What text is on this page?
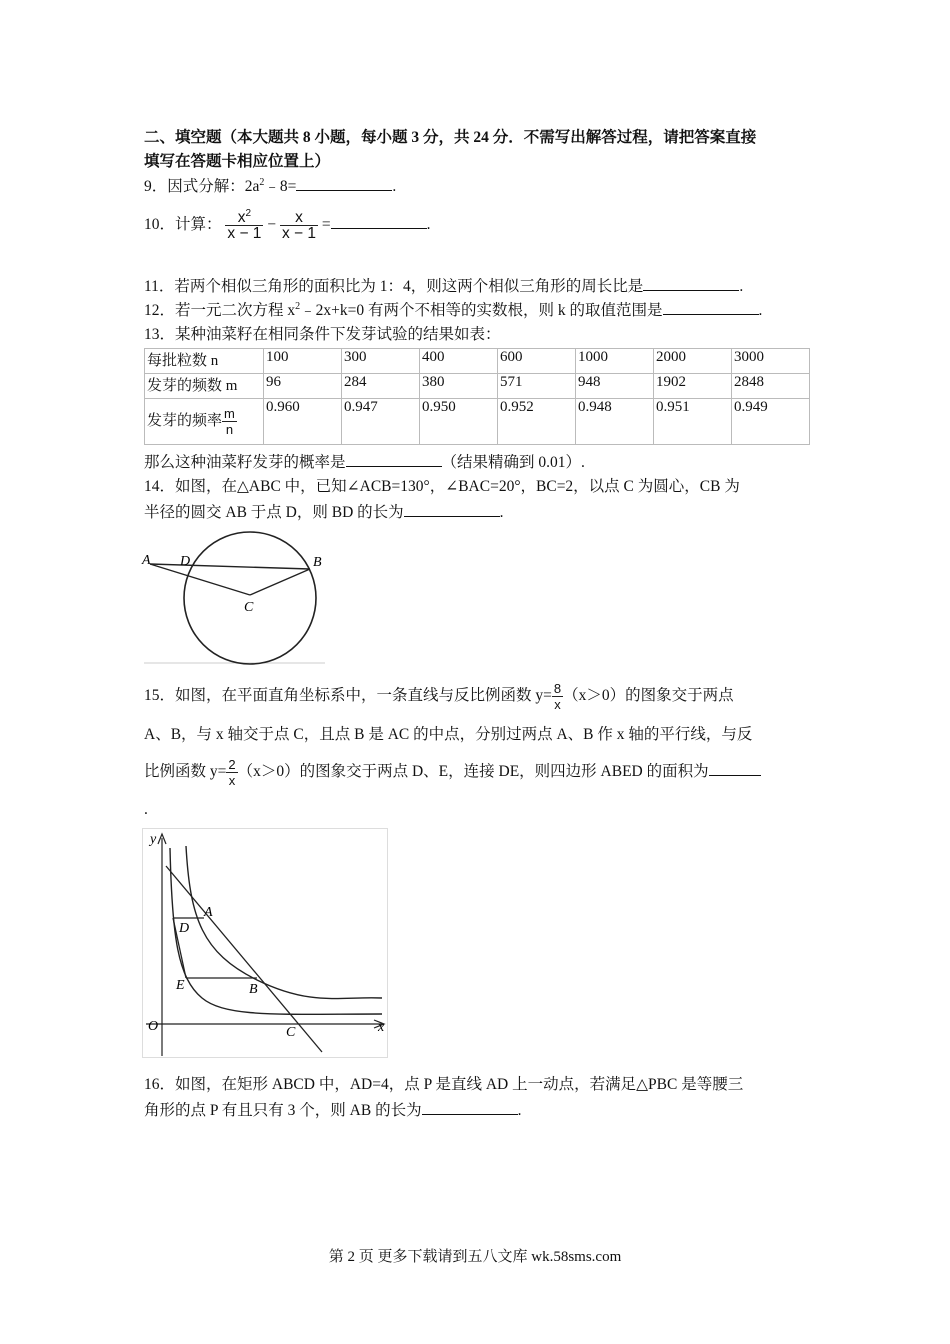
二、填空题（本大题共 8 小题，每小题 3 分，共 24 分．不需写出解答过程，请把答案直接
填写在答题卡相应位置上）
9．因式分解：$2a^2﹣8=$	.
10．计算： $\frac{x^2}{x - 1} - \frac{x}{x - 1}$ =	.
11．若两个相似三角形的面积比为 1：4，则这两个相似三角形的周长比是	.
12．若一元二次方程 $x^2﹣2x+k=0$ 有两个不相等的实数根，则 k 的取值范围是	.
13．某种油菜籽在相同条件下发芽试验的结果如表：
每批粒数 n	100	300	400	600	1000	2000	3000
发芽的频数 m	96	284	380	571	948	1902	2848
发芽的频率 $\frac{m}{n}$	0.960	0.947	0.950	0.952	0.948	0.951	0.949
那么这种油菜籽发芽的概率是	（结果精确到 0.01）.
14．如图，在△ABC 中，已知∠ACB=130°，∠BAC=20°，BC=2，以点 C 为圆心，CB 为
半径的圆交 AB 于点 D，则 BD 的长为	.
A D	B
C
15．如图，在平面直角坐标系中，一条直线与反比例函数 $y= \frac{8}{x} (x>0)$的图象交于两点
A、B，与 x 轴交于点 C，且点 B 是 AC 的中点，分别过两点 A、B 作 x 轴的平行线，与反
比例函数 $y= \frac{2}{x} (x>0)$的图象交于两点 D、E，连接 DE，则四边形 ABED 的面积为
.
y
x
O
A
D
E	B
C
16．如图，在矩形 ABCD 中，AD=4，点 P 是直线 AD 上一动点，若满足△PBC 是等腰三
角形的点 P 有且只有 3 个，则 AB 的长为	.
第 2 页 更多下载请到五八文库 wk.58sms.com
